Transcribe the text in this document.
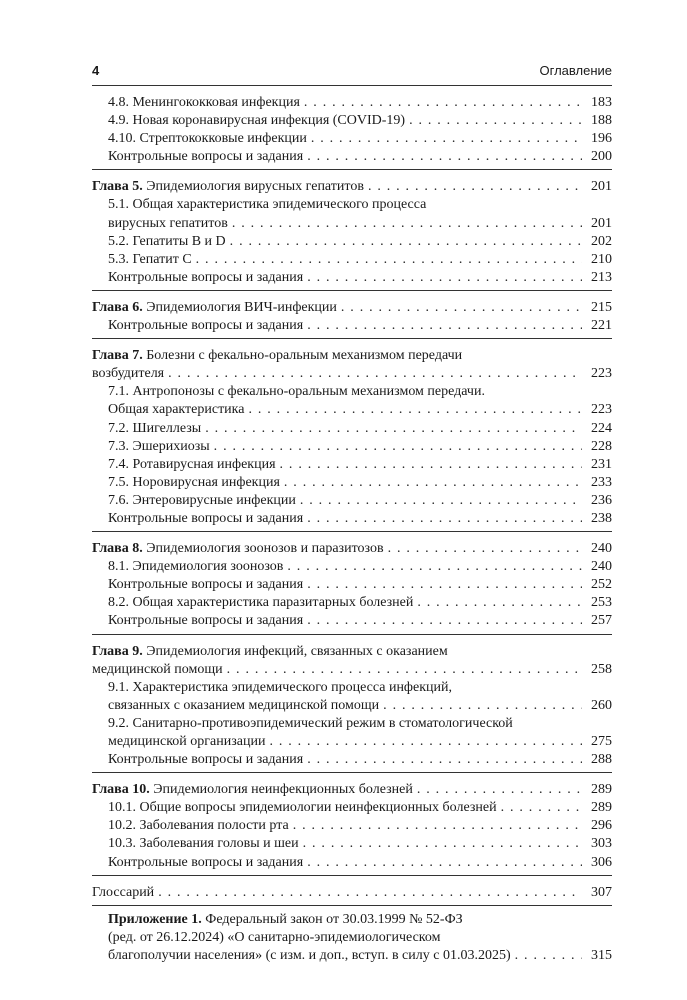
4	Оглавление
4.8. Менингококковая инфекция . . .	183
4.9. Новая коронавирусная инфекция (COVID-19) . . .	188
4.10. Стрептококковые инфекции . . .	196
Контрольные вопросы и задания . . .	200
Глава 5. Эпидемиология вирусных гепатитов . . .	201
5.1. Общая характеристика эпидемического процесса
вирусных гепатитов . . .	201
5.2. Гепатиты B и D . . .	202
5.3. Гепатит C . . .	210
Контрольные вопросы и задания . . .	213
Глава 6. Эпидемиология ВИЧ-инфекции . . .	215
Контрольные вопросы и задания . . .	221
Глава 7. Болезни с фекально-оральным механизмом передачи
возбудителя . . .	223
7.1. Антропонозы с фекально-оральным механизмом передачи.
Общая характеристика . . .	223
7.2. Шигеллезы . . .	224
7.3. Эшерихиозы . . .	228
7.4. Ротавирусная инфекция . . .	231
7.5. Норовирусная инфекция . . .	233
7.6. Энтеровирусные инфекции . . .	236
Контрольные вопросы и задания . . .	238
Глава 8. Эпидемиология зоонозов и паразитозов . . .	240
8.1. Эпидемиология зоонозов . . .	240
Контрольные вопросы и задания . . .	252
8.2. Общая характеристика паразитарных болезней . . .	253
Контрольные вопросы и задания . . .	257
Глава 9. Эпидемиология инфекций, связанных с оказанием
медицинской помощи . . .	258
9.1. Характеристика эпидемического процесса инфекций,
связанных с оказанием медицинской помощи . . .	260
9.2. Санитарно-противоэпидемический режим в стоматологической
медицинской организации . . .	275
Контрольные вопросы и задания . . .	288
Глава 10. Эпидемиология неинфекционных болезней . . .	289
10.1. Общие вопросы эпидемиологии неинфекционных болезней . . .	289
10.2. Заболевания полости рта . . .	296
10.3. Заболевания головы и шеи . . .	303
Контрольные вопросы и задания . . .	306
Глоссарий . . .	307
Приложение 1. Федеральный закон от 30.03.1999 № 52-ФЗ
(ред. от 26.12.2024) «О санитарно-эпидемиологическом
благополучии населения» (с изм. и доп., вступ. в силу с 01.03.2025) . . .	315
